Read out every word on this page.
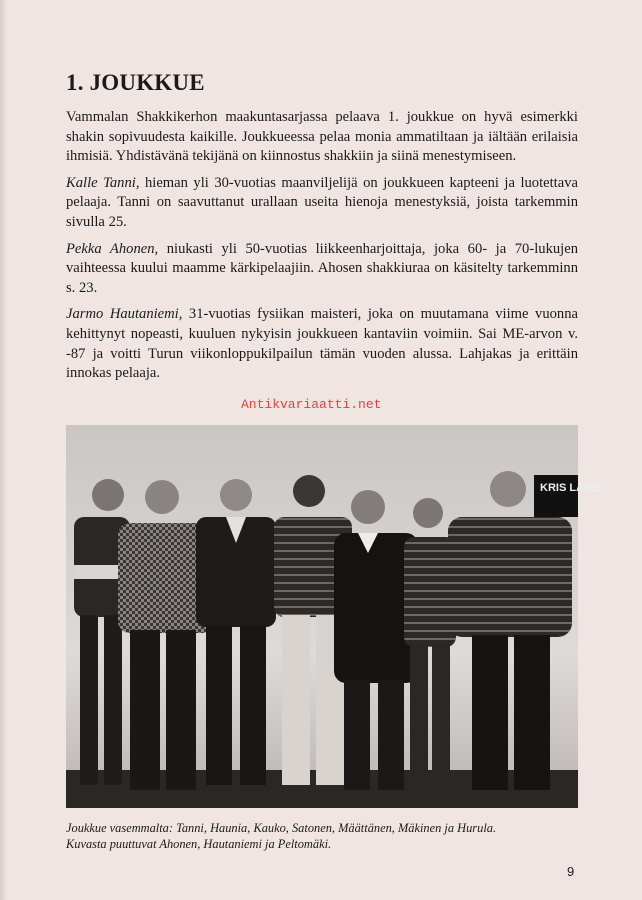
1. JOUKKUE

Vammalan Shakkikerhon maakuntasarjassa pelaava 1. joukkue on hyvä esimerkki shakin sopivuudesta kaikille. Joukkueessa pelaa monia ammatiltaan ja iältään erilaisia ihmisiä. Yhdistävänä tekijänä on kiinnostus shakkiin ja siinä menestymiseen.

Kalle Tanni, hieman yli 30-vuotias maanviljelijä on joukkueen kapteeni ja luotettava pelaaja. Tanni on saavuttanut urallaan useita hienoja menestyksiä, joista tarkemmin sivulla 25.

Pekka Ahonen, niukasti yli 50-vuotias liikkeenharjoittaja, joka 60- ja 70-lukujen vaihteessa kuului maamme kärkipelaajiin. Ahosen shakkiuraa on käsitelty tarkemminn s. 23.

Jarmo Hautaniemi, 31-vuotias fysiikan maisteri, joka on muutamana viime vuonna kehittynyt nopeasti, kuuluen nykyisin joukkueen kantaviin voimiin. Sai ME-arvon v. -87 ja voitti Turun viikonloppukilpailun tämän vuoden alussa. Lahjakas ja erittäin innokas pelaaja.

Antikvariaatti.net
KRIS LÄHE
Joukkue vasemmalta: Tanni, Haunia, Kauko, Satonen, Määttänen, Mäkinen ja Hurula.
Kuvasta puuttuvat Ahonen, Hautaniemi ja Peltomäki.
9
